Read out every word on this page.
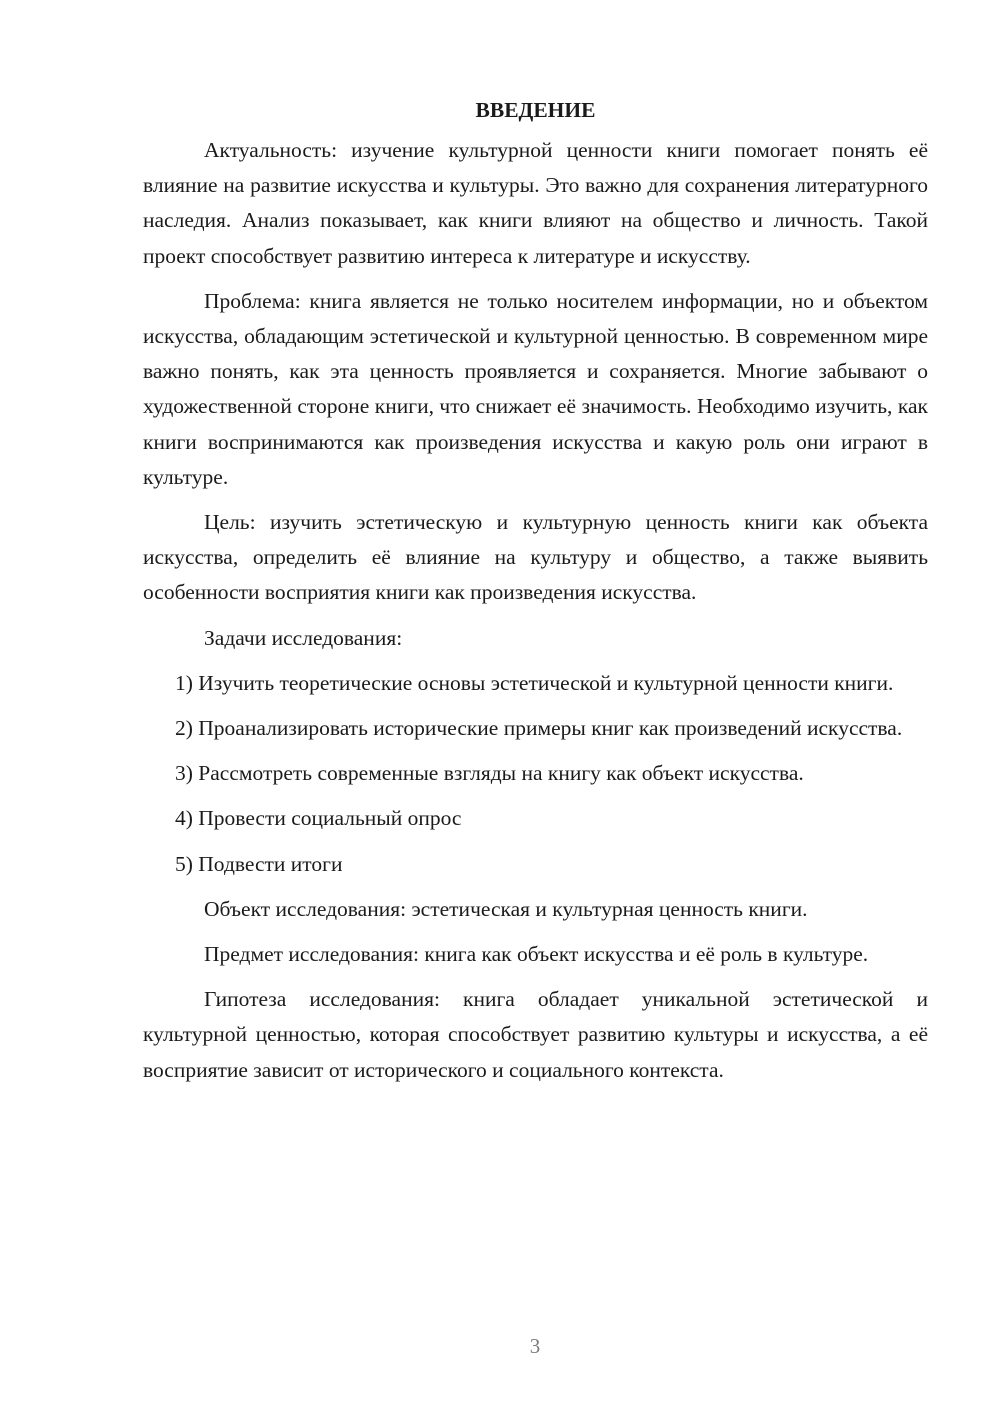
ВВЕДЕНИЕ

Актуальность: изучение культурной ценности книги помогает понять её влияние на развитие искусства и культуры. Это важно для сохранения литературного наследия. Анализ показывает, как книги влияют на общество и личность. Такой проект способствует развитию интереса к литературе и искусству.

Проблема: книга является не только носителем информации, но и объектом искусства, обладающим эстетической и культурной ценностью. В современном мире важно понять, как эта ценность проявляется и сохраняется. Многие забывают о художественной стороне книги, что снижает её значимость. Необходимо изучить, как книги воспринимаются как произведения искусства и какую роль они играют в культуре.

Цель: изучить эстетическую и культурную ценность книги как объекта искусства, определить её влияние на культуру и общество, а также выявить особенности восприятия книги как произведения искусства.

Задачи исследования:

1) Изучить теоретические основы эстетической и культурной ценности книги.

2) Проанализировать исторические примеры книг как произведений искусства.

3) Рассмотреть современные взгляды на книгу как объект искусства.

4) Провести социальный опрос

5) Подвести итоги

Объект исследования: эстетическая и культурная ценность книги.

Предмет исследования: книга как объект искусства и её роль в культуре.

Гипотеза исследования: книга обладает уникальной эстетической и культурной ценностью, которая способствует развитию культуры и искусства, а её восприятие зависит от исторического и социального контекста.

3
